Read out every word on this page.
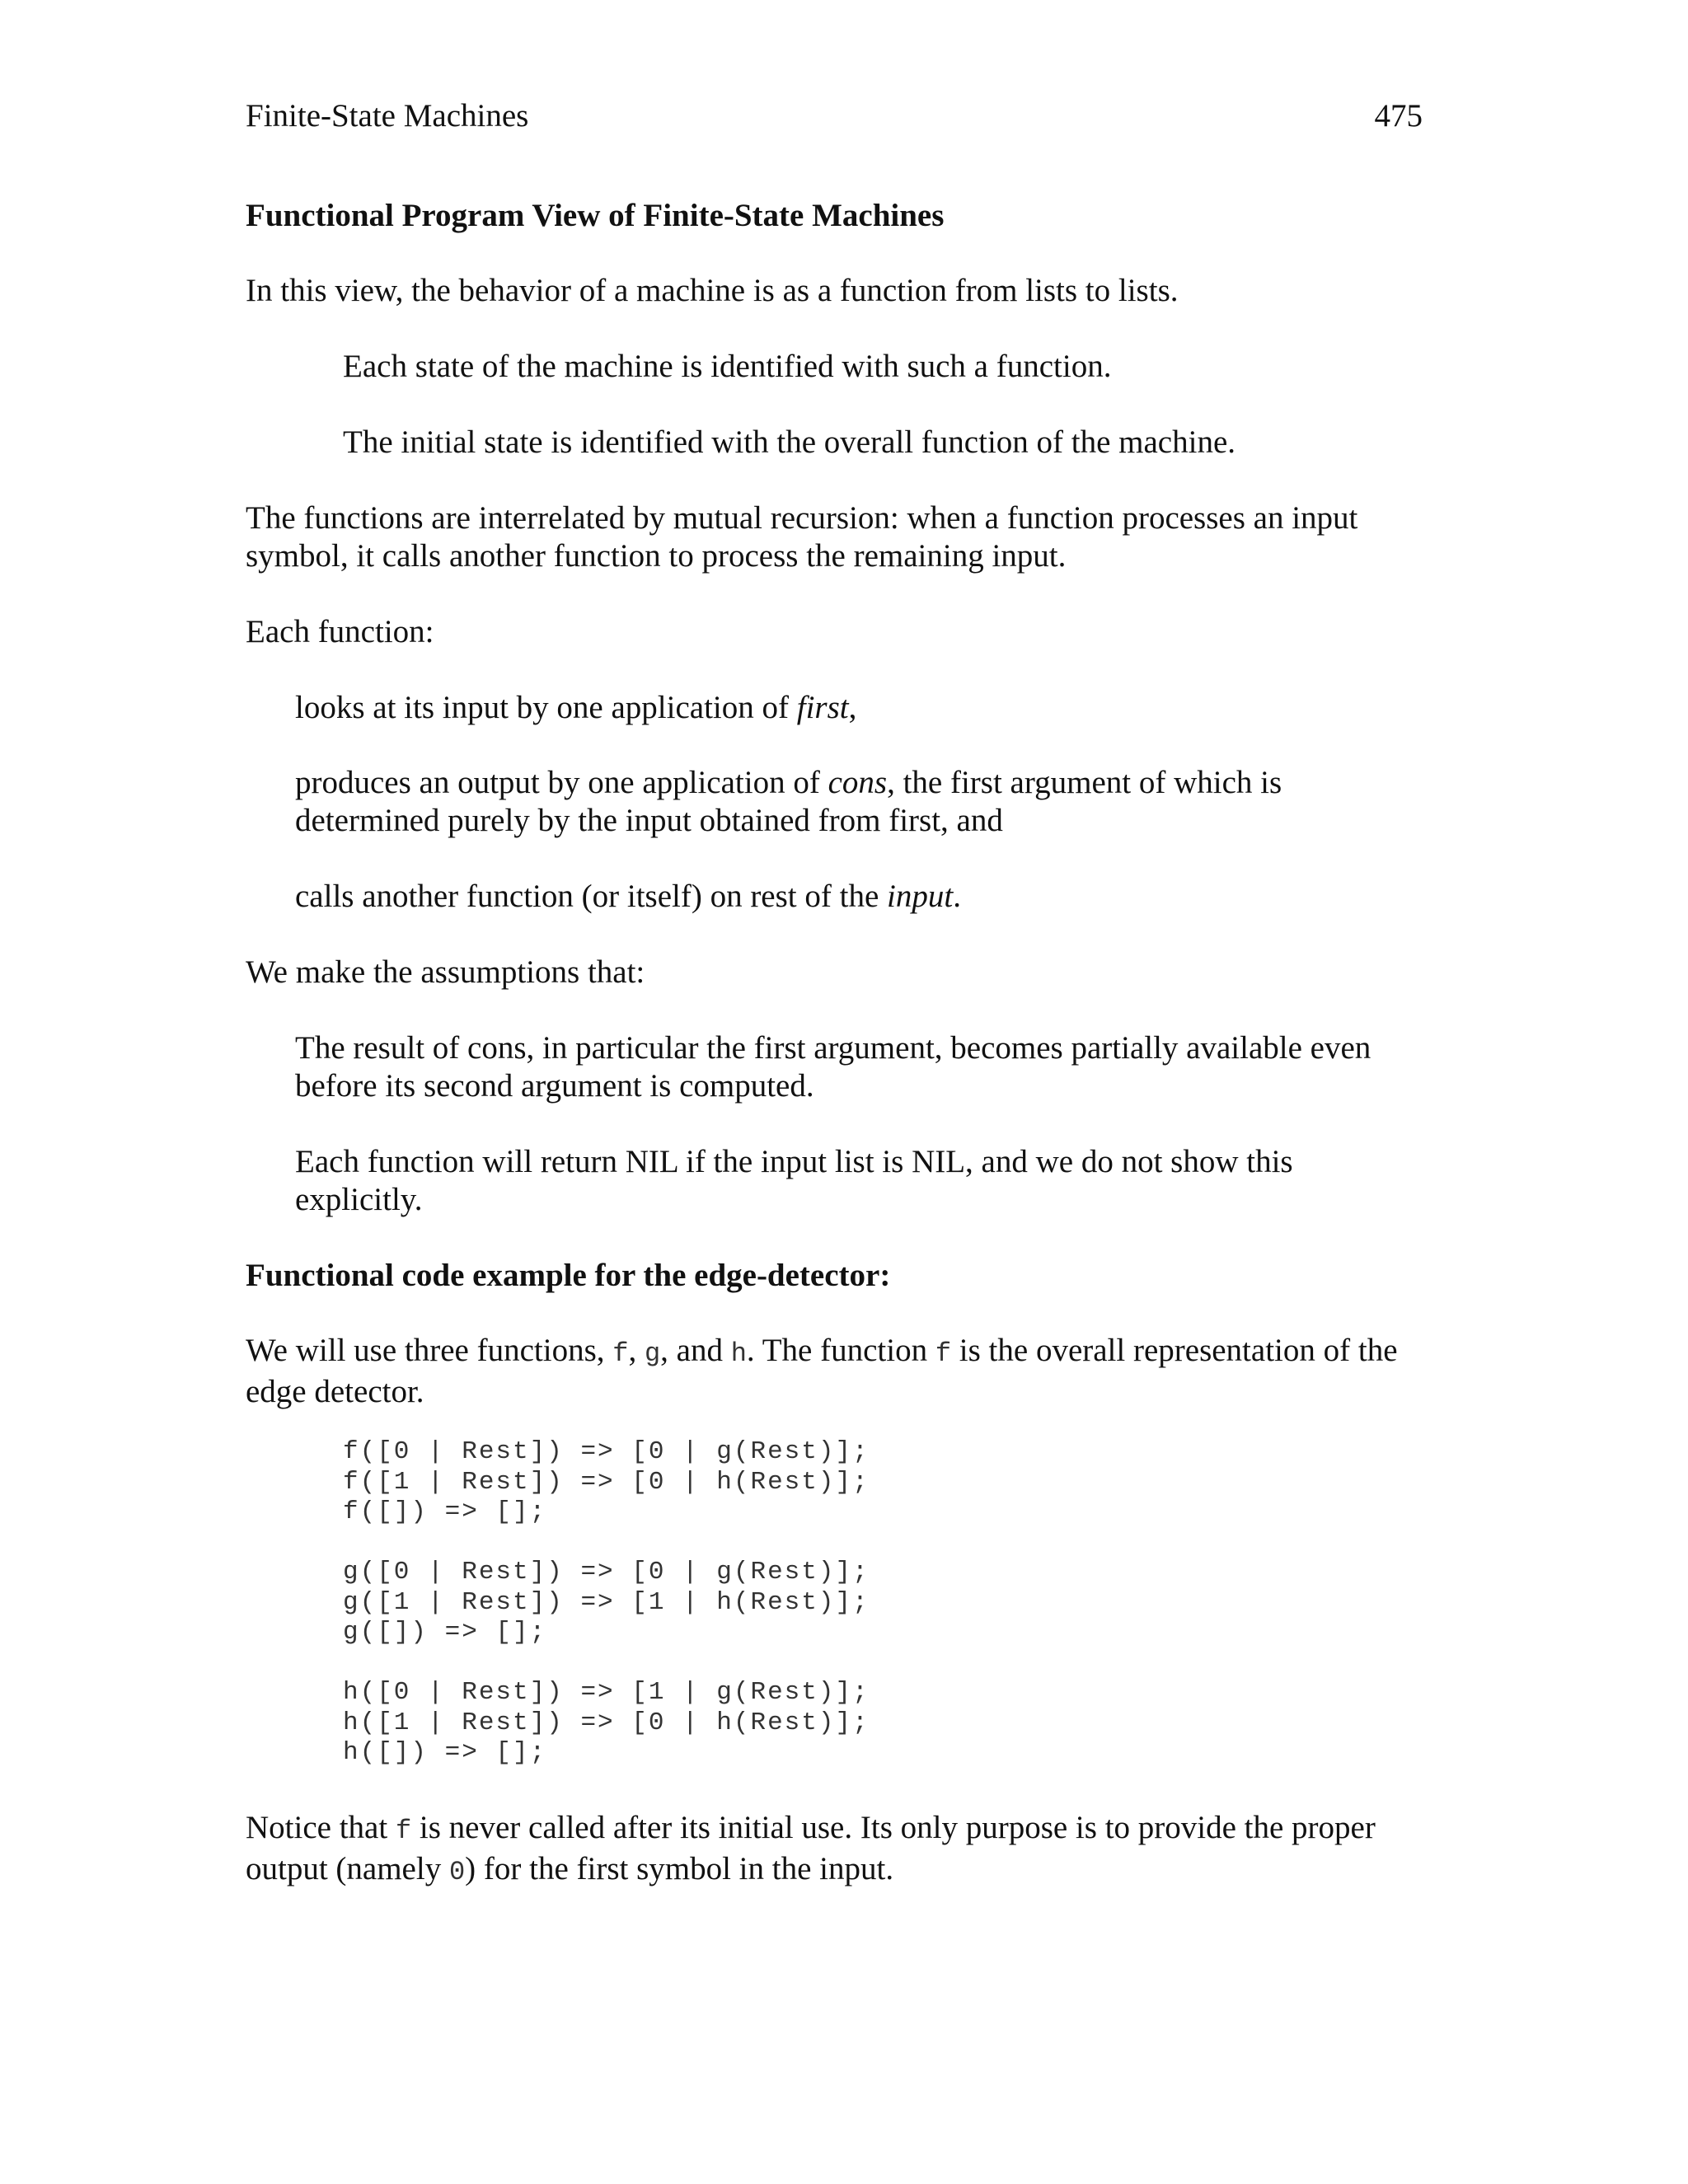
Finite-State Machines	475

Functional Program View of Finite-State Machines

In this view, the behavior of a machine is as a function from lists to lists.

Each state of the machine is identified with such a function.

The initial state is identified with the overall function of the machine.

The functions are interrelated by mutual recursion: when a function processes an input symbol, it calls another function to process the remaining input.

Each function:

looks at its input by one application of first,

produces an output by one application of cons, the first argument of which is determined purely by the input obtained from first, and

calls another function (or itself) on rest of the input.

We make the assumptions that:

The result of cons, in particular the first argument, becomes partially available even before its second argument is computed.

Each function will return NIL if the input list is NIL, and we do not show this explicitly.

Functional code example for the edge-detector:

We will use three functions, f, g, and h. The function f is the overall representation of the edge detector.

f([0 | Rest]) => [0 | g(Rest)];
f([1 | Rest]) => [0 | h(Rest)];
f([]) => [];
g([0 | Rest]) => [0 | g(Rest)];
g([1 | Rest]) => [1 | h(Rest)];
g([]) => [];
h([0 | Rest]) => [1 | g(Rest)];
h([1 | Rest]) => [0 | h(Rest)];
h([]) => [];

Notice that f is never called after its initial use. Its only purpose is to provide the proper output (namely 0) for the first symbol in the input.
